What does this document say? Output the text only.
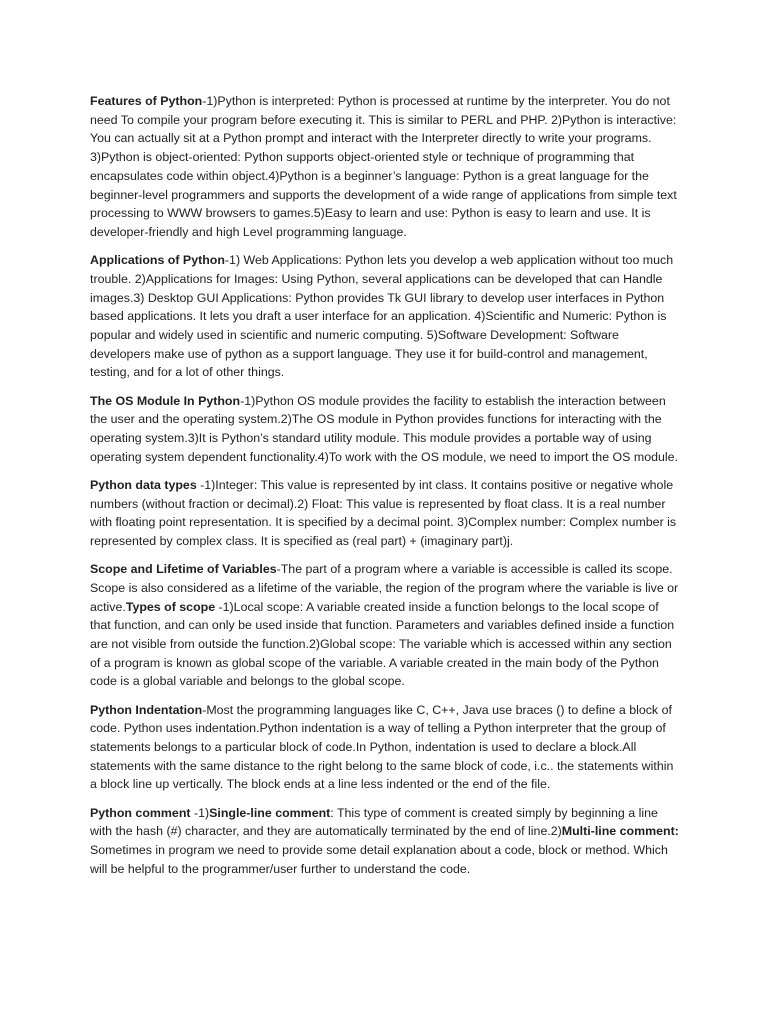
Features of Python-1)Python is interpreted: Python is processed at runtime by the interpreter. You do not need To compile your program before executing it. This is similar to PERL and PHP. 2)Python is interactive: You can actually sit at a Python prompt and interact with the Interpreter directly to write your programs. 3)Python is object-oriented: Python supports object-oriented style or technique of programming that encapsulates code within object.4)Python is a beginner’s language: Python is a great language for the beginner-level programmers and supports the development of a wide range of applications from simple text processing to WWW browsers to games.5)Easy to learn and use: Python is easy to learn and use. It is developer-friendly and high Level programming language.

Applications of Python-1) Web Applications: Python lets you develop a web application without too much trouble. 2)Applications for Images: Using Python, several applications can be developed that can Handle images.3) Desktop GUI Applications: Python provides Tk GUI library to develop user interfaces in Python based applications. It lets you draft a user interface for an application. 4)Scientific and Numeric: Python is popular and widely used in scientific and numeric computing. 5)Software Development: Software developers make use of python as a support language. They use it for build-control and management, testing, and for a lot of other things.

The OS Module In Python-1)Python OS module provides the facility to establish the interaction between the user and the operating system.2)The OS module in Python provides functions for interacting with the operating system.3)It is Python’s standard utility module. This module provides a portable way of using operating system dependent functionality.4)To work with the OS module, we need to import the OS module.

Python data types -1)Integer: This value is represented by int class. It contains positive or negative whole numbers (without fraction or decimal).2) Float: This value is represented by float class. It is a real number with floating point representation. It is specified by a decimal point. 3)Complex number: Complex number is represented by complex class. It is specified as (real part) + (imaginary part)j.

Scope and Lifetime of Variables-The part of a program where a variable is accessible is called its scope. Scope is also considered as a lifetime of the variable, the region of the program where the variable is live or active.Types of scope -1)Local scope: A variable created inside a function belongs to the local scope of that function, and can only be used inside that function. Parameters and variables defined inside a function are not visible from outside the function.2)Global scope: The variable which is accessed within any section of a program is known as global scope of the variable. A variable created in the main body of the Python code is a global variable and belongs to the global scope.

Python Indentation-Most the programming languages like C, C++, Java use braces () to define a block of code. Python uses indentation.Python indentation is a way of telling a Python interpreter that the group of statements belongs to a particular block of code.In Python, indentation is used to declare a block.All statements with the same distance to the right belong to the same block of code, i.c.. the statements within a block line up vertically. The block ends at a line less indented or the end of the file.

Python comment -1)Single-line comment: This type of comment is created simply by beginning a line with the hash (#) character, and they are automatically terminated by the end of line.2)Multi-line comment: Sometimes in program we need to provide some detail explanation about a code, block or method. Which will be helpful to the programmer/user further to understand the code.
